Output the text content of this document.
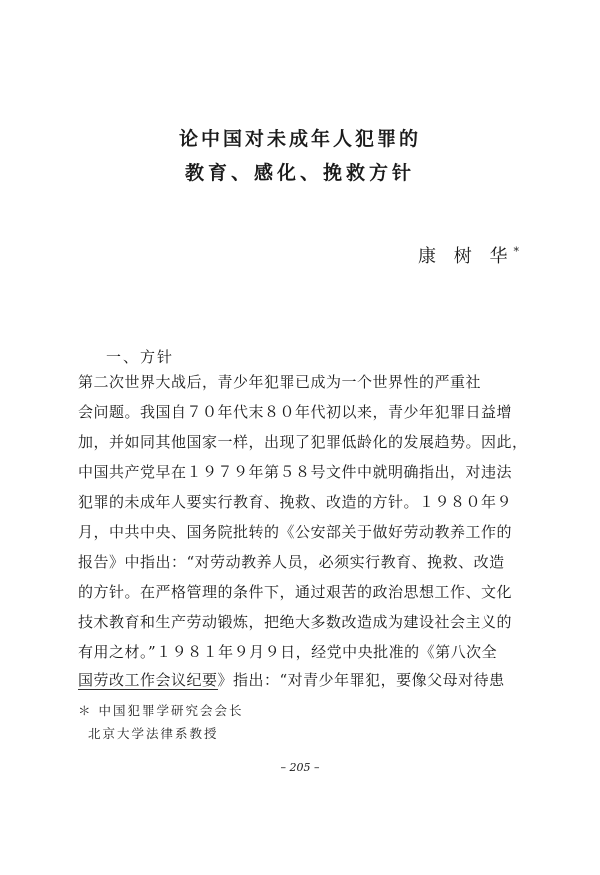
论中国对未成年人犯罪的
教育、感化、挽救方针
康 树 华*
一、方针
第二次世界大战后，青少年犯罪已成为一个世界性的严重社
会问题。我国自７０年代末８０年代初以来，青少年犯罪日益增
加，并如同其他国家一样，出现了犯罪低龄化的发展趋势。因此，
中国共产党早在１９７９年第５８号文件中就明确指出，对违法
犯罪的未成年人要实行教育、挽救、改造的方针。１９８０年９
月，中共中央、国务院批转的《公安部关于做好劳动教养工作的
报告》中指出：“对劳动教养人员，必须实行教育、挽救、改造
的方针。在严格管理的条件下，通过艰苦的政治思想工作、文化
技术教育和生产劳动锻炼，把绝大多数改造成为建设社会主义的
有用之材。”１９８１年９月９日，经党中央批准的《第八次全
国劳改工作会议纪要》指出：“对青少年罪犯，要像父母对待患
＊ 中国犯罪学研究会会长
北京大学法律系教授
– 205 –
